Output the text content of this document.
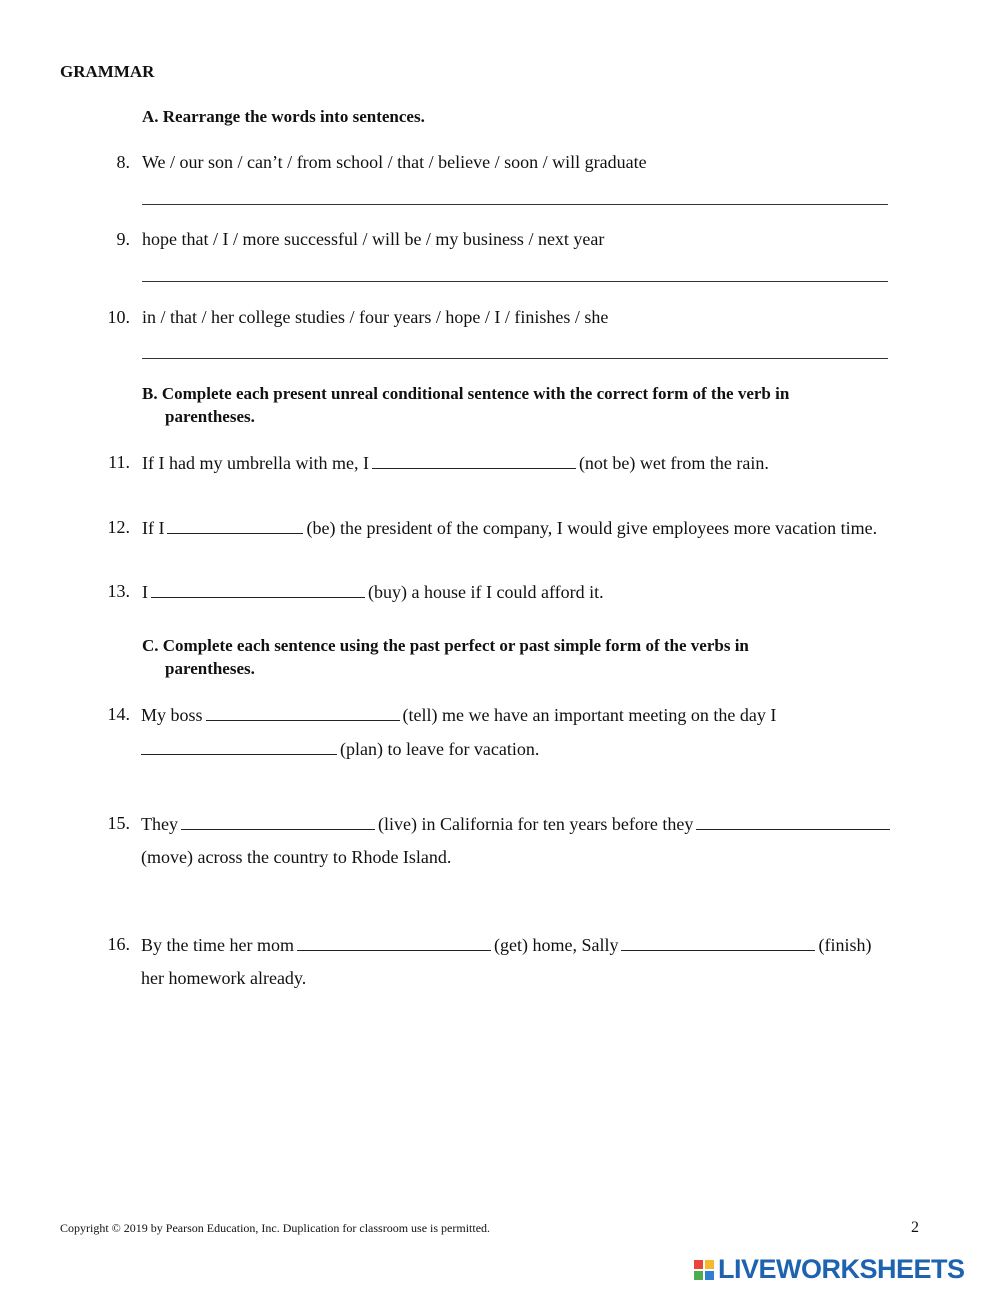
GRAMMAR
A. Rearrange the words into sentences.
8. We / our son / can’t / from school / that / believe / soon / will graduate
9. hope that / I / more successful / will be / my business / next year
10. in / that / her college studies / four years / hope / I / finishes / she
B. Complete each present unreal conditional sentence with the correct form of the verb in
parentheses.
11. If I had my umbrella with me, I	(not be) wet from the rain.
12. If I	(be) the president of the company, I would give employees more vacation time.
13. I	(buy) a house if I could afford it.
C. Complete each sentence using the past perfect or past simple form of the verbs in
parentheses.
14. My boss	(tell) me we have an important meeting on the day I
(plan) to leave for vacation.
15. They	(live) in California for ten years before they
(move) across the country to Rhode Island.
16. By the time her mom	(get) home, Sally	(finish)
her homework already.
Copyright © 2019 by Pearson Education, Inc. Duplication for classroom use is permitted.	2
LIVEWORKSHEETS
